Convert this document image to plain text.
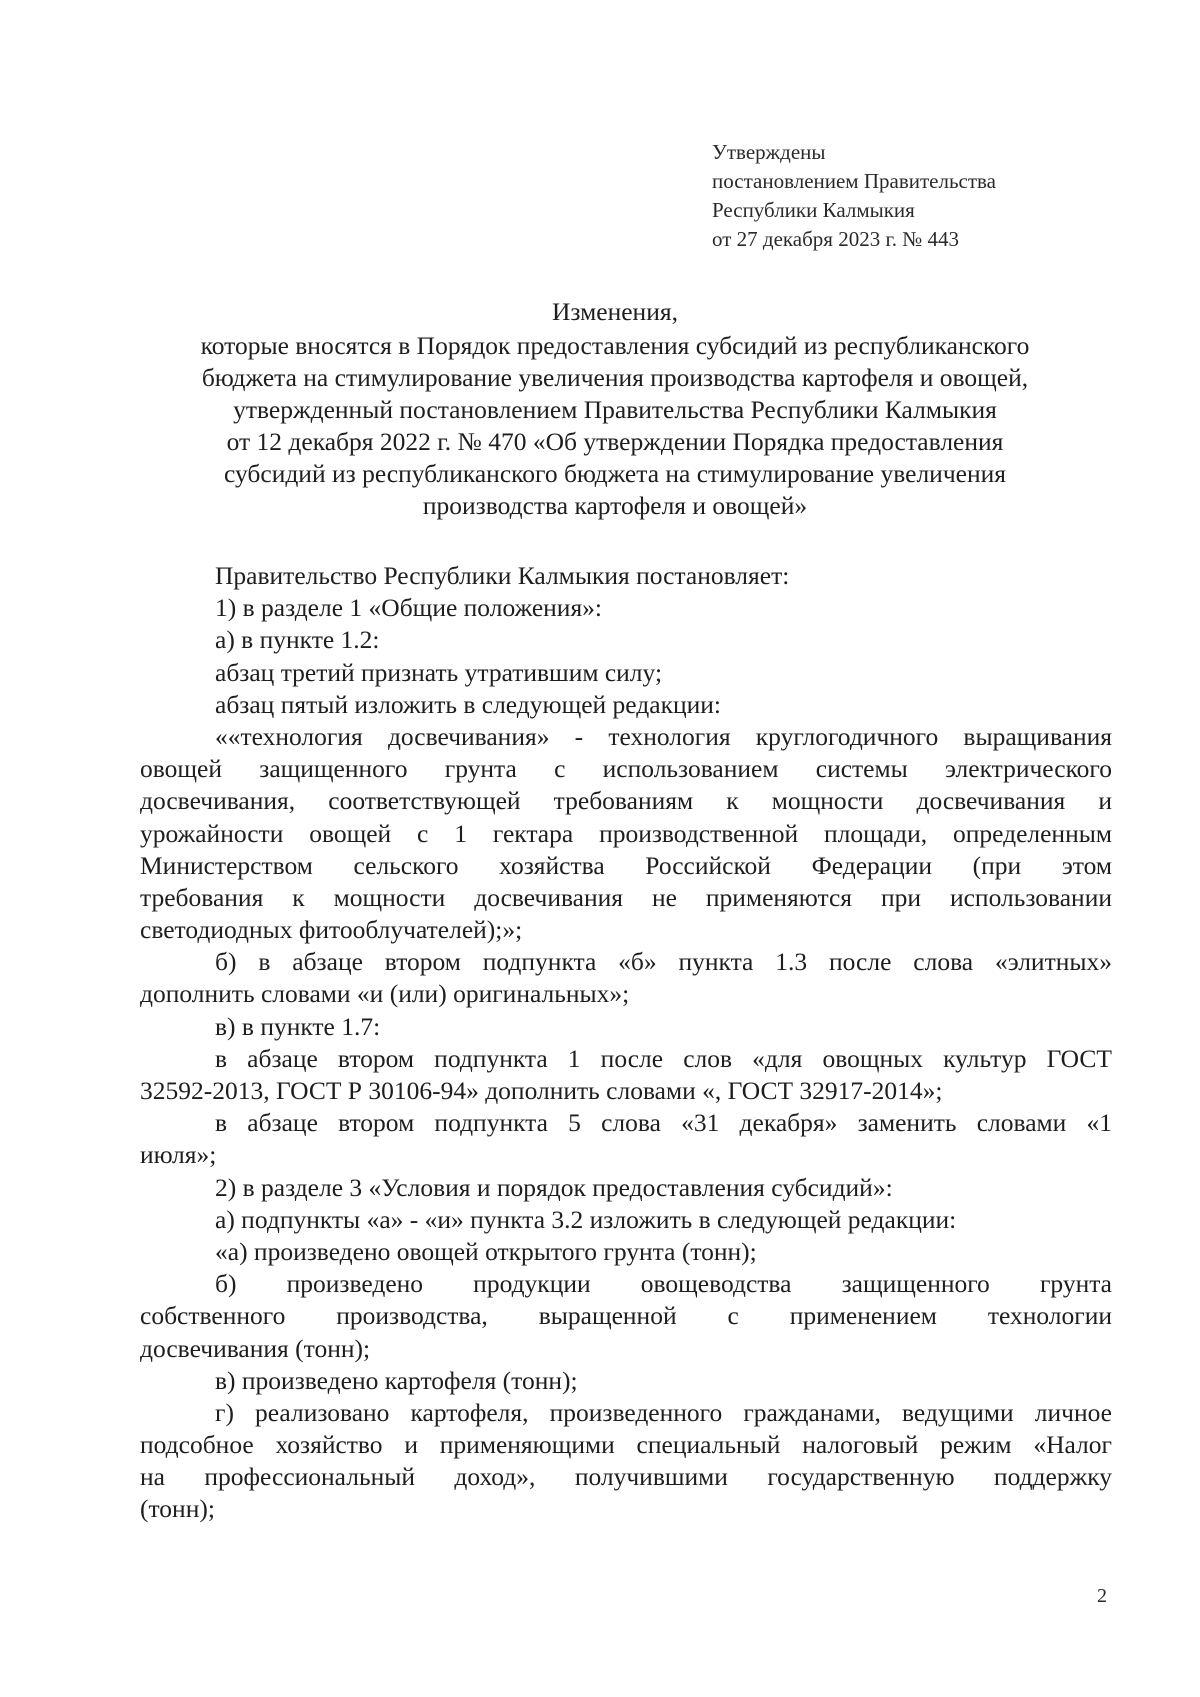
Утверждены
постановлением Правительства
Республики Калмыкия
от 27 декабря 2023 г. № 443
Изменения,
которые вносятся в Порядок предоставления субсидий из республиканского
бюджета на стимулирование увеличения производства картофеля и овощей,
утвержденный постановлением Правительства Республики Калмыкия
от 12 декабря 2022 г. № 470 «Об утверждении Порядка предоставления
субсидий из республиканского бюджета на стимулирование увеличения
производства картофеля и овощей»
Правительство Республики Калмыкия постановляет:
1) в разделе 1 «Общие положения»:
а) в пункте 1.2:
абзац третий признать утратившим силу;
абзац пятый изложить в следующей редакции:
««технология досвечивания» - технология круглогодичного выращивания
овощей защищенного грунта с использованием системы электрического
досвечивания, соответствующей требованиям к мощности досвечивания и
урожайности овощей с 1 гектара производственной площади, определенным
Министерством сельского хозяйства Российской Федерации (при этом
требования к мощности досвечивания не применяются при использовании
светодиодных фитооблучателей);»;
б) в абзаце втором подпункта «б» пункта 1.3 после слова «элитных»
дополнить словами «и (или) оригинальных»;
в) в пункте 1.7:
в абзаце втором подпункта 1 после слов «для овощных культур ГОСТ
32592-2013, ГОСТ Р 30106-94» дополнить словами «, ГОСТ 32917-2014»;
в абзаце втором подпункта 5 слова «31 декабря» заменить словами «1
июля»;
2) в разделе 3 «Условия и порядок предоставления субсидий»:
а) подпункты «а» - «и» пункта 3.2 изложить в следующей редакции:
«а) произведено овощей открытого грунта (тонн);
б) произведено продукции овощеводства защищенного грунта
собственного производства, выращенной с применением технологии
досвечивания (тонн);
в) произведено картофеля (тонн);
г) реализовано картофеля, произведенного гражданами, ведущими личное
подсобное хозяйство и применяющими специальный налоговый режим «Налог
на профессиональный доход», получившими государственную поддержку
(тонн);
2
